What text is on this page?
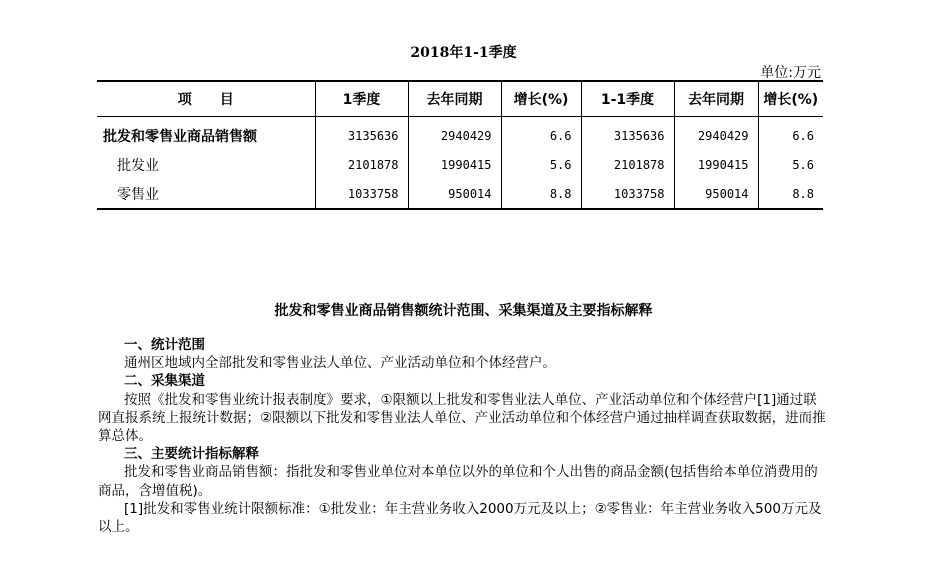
2018年1-1季度
单位:万元
项　　目	1季度	去年同期	增长(%)	1-1季度	去年同期	增长(%)
批发和零售业商品销售额	3135636	2940429	6.6	3135636	2940429	6.6
批发业	2101878	1990415	5.6	2101878	1990415	5.6
零售业	1033758	950014	8.8	1033758	950014	8.8
批发和零售业商品销售额统计范围、采集渠道及主要指标解释
一、统计范围
通州区地域内全部批发和零售业法人单位、产业活动单位和个体经营户。
二、采集渠道
按照《批发和零售业统计报表制度》要求，①限额以上批发和零售业法人单位、产业活动单位和个体经营户[1]通过联网直报系统上报统计数据；②限额以下批发和零售业法人单位、产业活动单位和个体经营户通过抽样调查获取数据，进而推算总体。
三、主要统计指标解释
批发和零售业商品销售额：指批发和零售业单位对本单位以外的单位和个人出售的商品金额(包括售给本单位消费用的商品，含增值税)。
[1]批发和零售业统计限额标准：①批发业：年主营业务收入2000万元及以上；②零售业：年主营业务收入500万元及以上。
